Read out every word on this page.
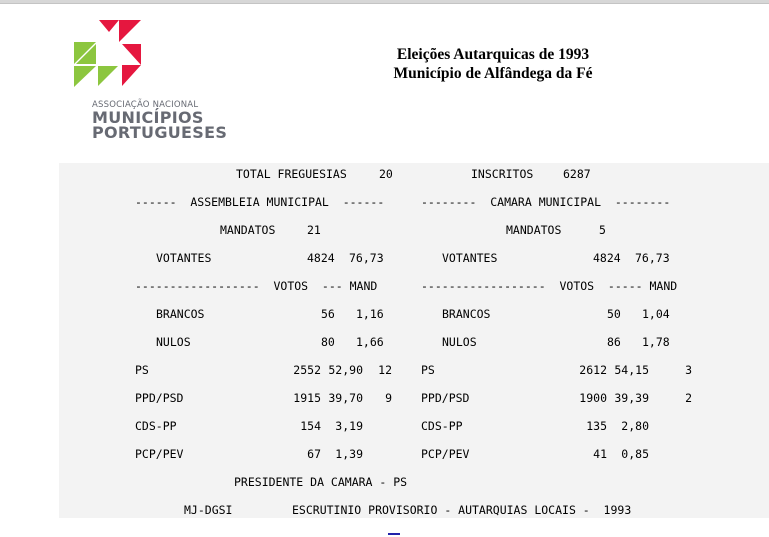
ASSOCIAÇÃO NACIONAL
MUNICÍPIOS
PORTUGUESES
Eleições Autarquicas de 1993
Município de Alfândega da Fé
TOTAL FREGUESIAS	20	INSCRITOS	6287
------  ASSEMBLEIA MUNICIPAL  ------	--------  CAMARA MUNICIPAL  --------
MANDATOS	21	MANDATOS	5
VOTANTES	4824 76,73	VOTANTES	4824 76,73
------------------  VOTOS  --- MAND	------------------  VOTOS  ----- MAND
BRANCOS	56 1,16	BRANCOS	50 1,04
NULOS	80 1,66	NULOS	86 1,78
PS	2552 52,90	12	PS	2612 54,15	3
PPD/PSD	1915 39,70	9	PPD/PSD	1900 39,39	2
CDS-PP	154	3,19	CDS-PP	135	2,80
PCP/PEV	67	1,39	PCP/PEV	41	0,85
PRESIDENTE DA CAMARA - PS
MJ-DGSI	ESCRUTINIO PROVISORIO - AUTARQUIAS LOCAIS -  1993
